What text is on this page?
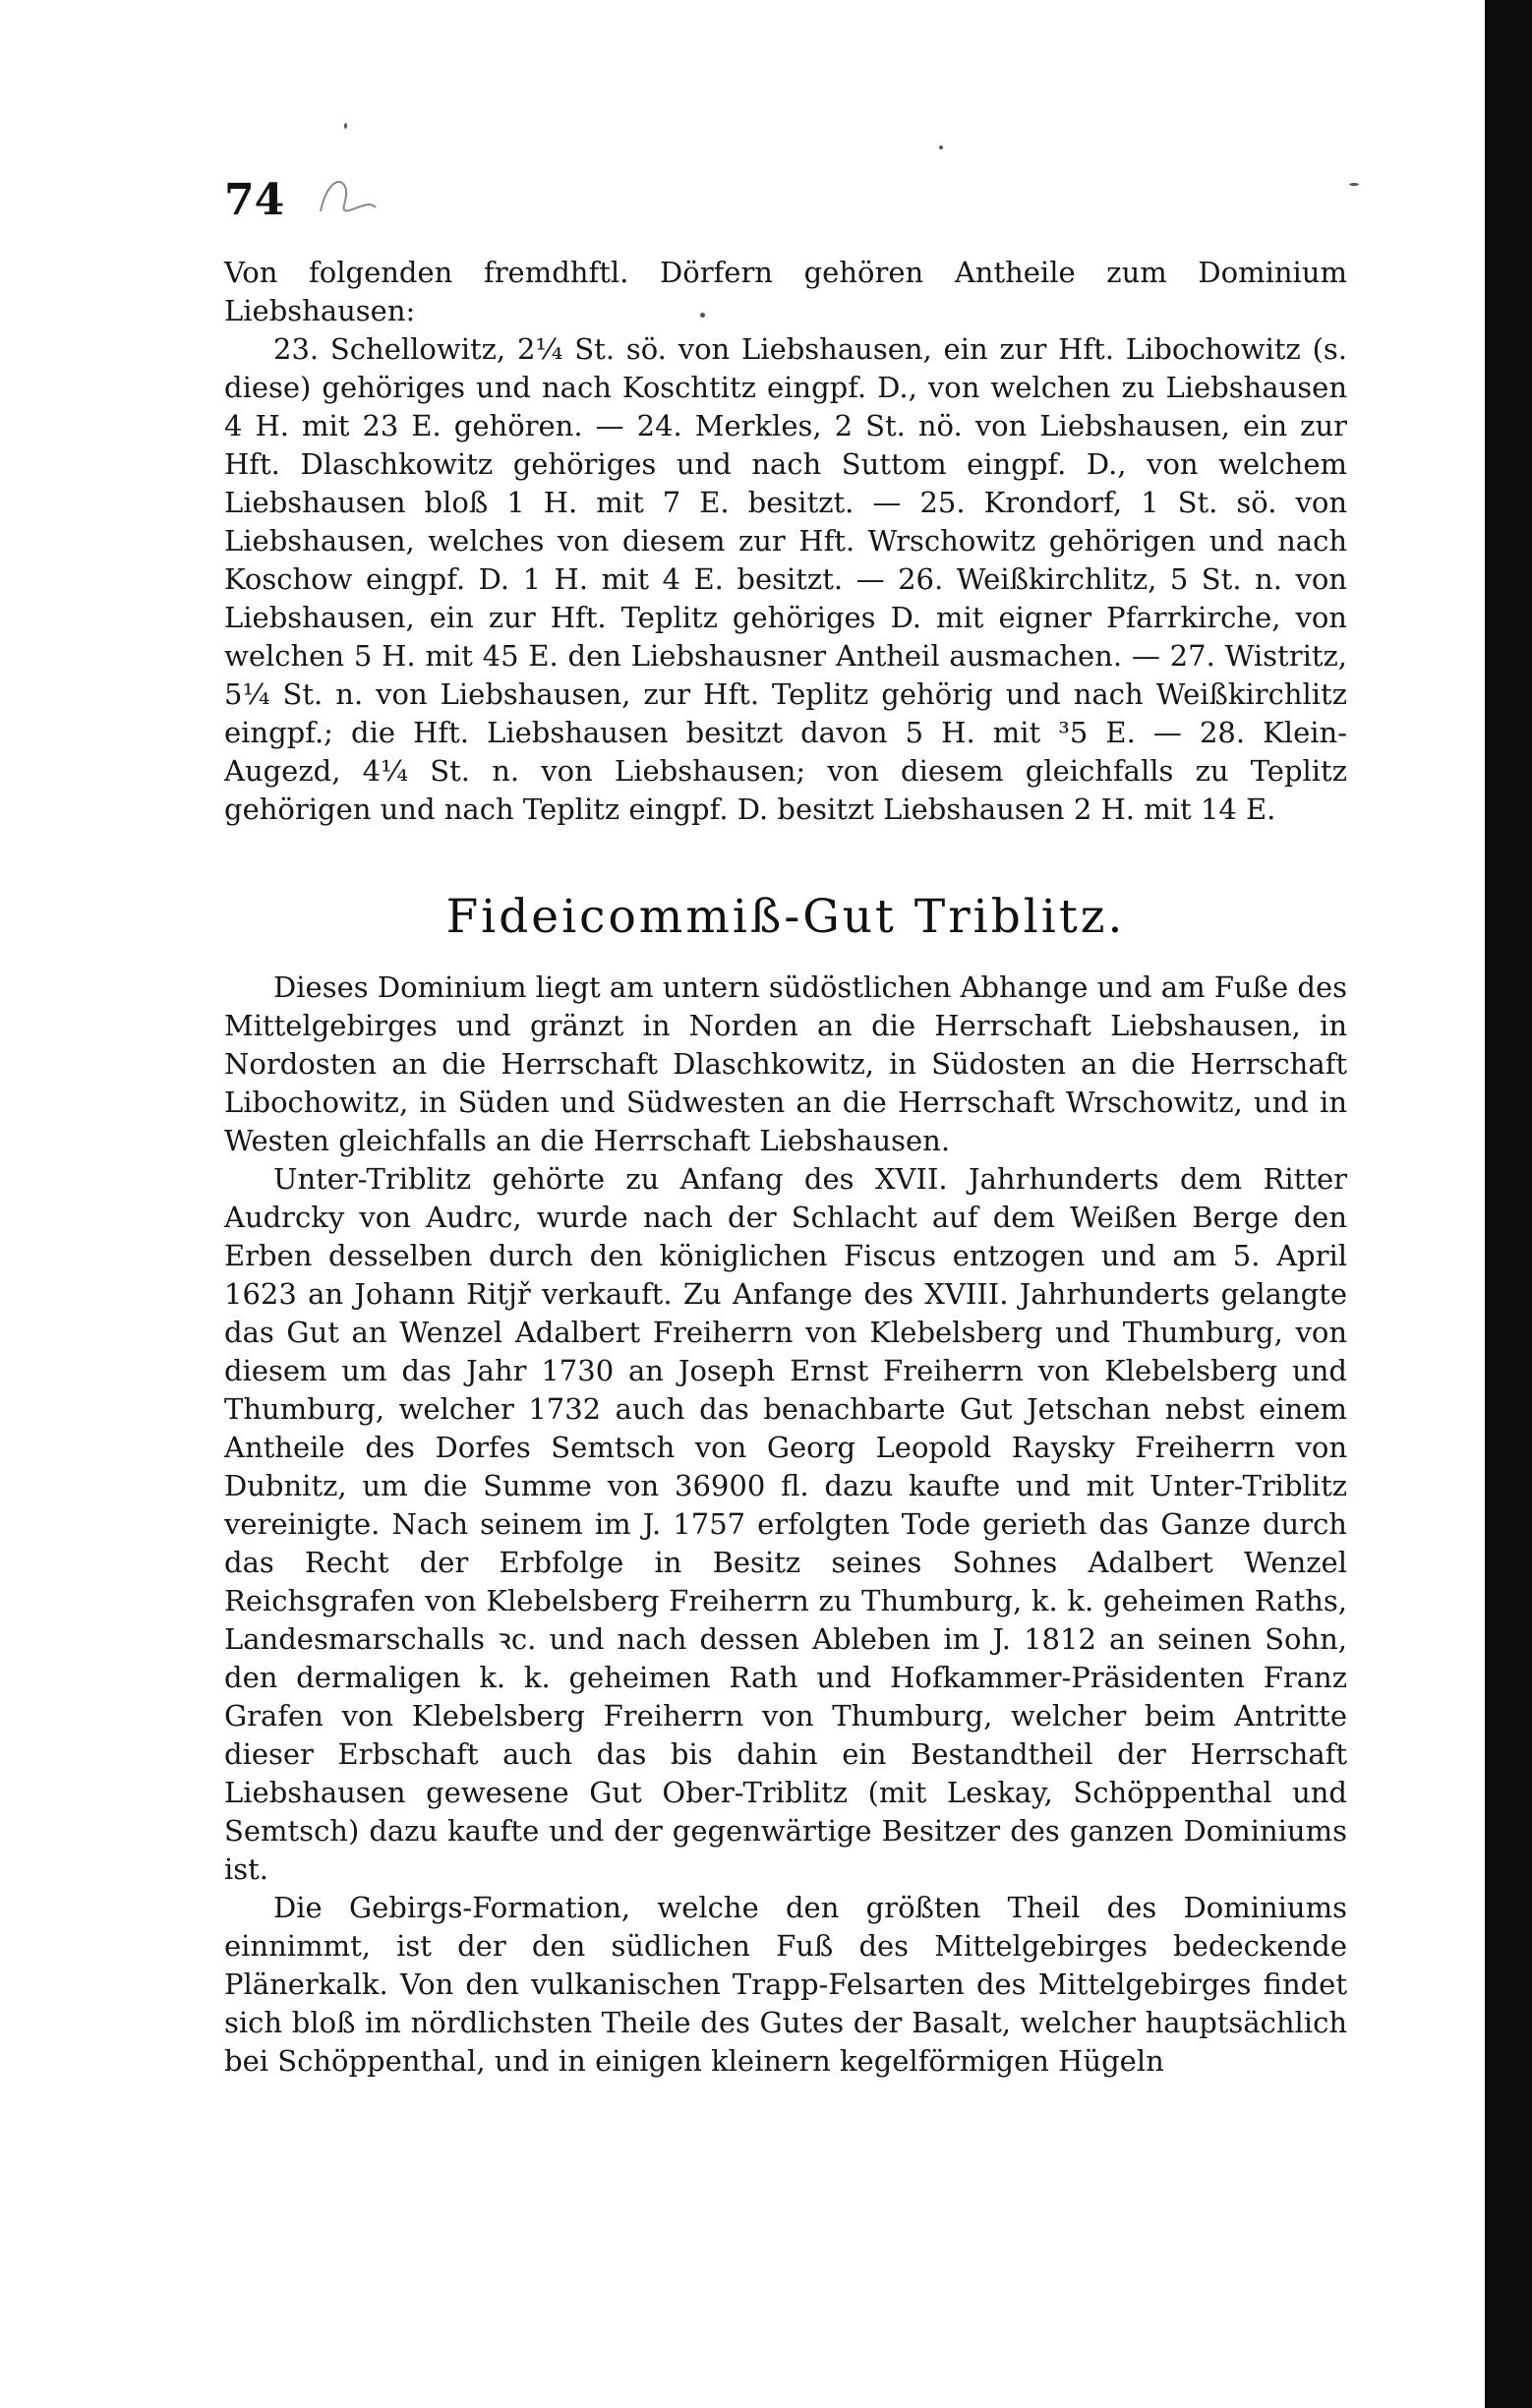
74

Von folgenden fremdhftl. Dörfern gehören Antheile zum Dominium Liebshausen:

23. Schellowitz, 2¼ St. sö. von Liebshausen, ein zur Hft. Libochowitz (s. diese) gehöriges und nach Koschtitz eingpf. D., von welchen zu Liebshausen 4 H. mit 23 E. gehören. — 24. Merkles, 2 St. nö. von Liebshausen, ein zur Hft. Dlaschkowitz gehöriges und nach Suttom eingpf. D., von welchem Liebshausen bloß 1 H. mit 7 E. besitzt. — 25. Krondorf, 1 St. sö. von Liebshausen, welches von diesem zur Hft. Wrschowitz gehörigen und nach Koschow eingpf. D. 1 H. mit 4 E. besitzt. — 26. Weißkirchlitz, 5 St. n. von Liebshausen, ein zur Hft. Teplitz gehöriges D. mit eigner Pfarrkirche, von welchen 5 H. mit 45 E. den Liebshausner Antheil ausmachen. — 27. Wistritz, 5¼ St. n. von Liebshausen, zur Hft. Teplitz gehörig und nach Weißkirchlitz eingpf.; die Hft. Liebshausen besitzt davon 5 H. mit ³5 E. — 28. Klein-Augezd, 4¼ St. n. von Liebshausen; von diesem gleichfalls zu Teplitz gehörigen und nach Teplitz eingpf. D. besitzt Liebshausen 2 H. mit 14 E.

Fideicommiß-Gut Triblitz.

Dieses Dominium liegt am untern südöstlichen Abhange und am Fuße des Mittelgebirges und gränzt in Norden an die Herrschaft Liebshausen, in Nordosten an die Herrschaft Dlaschkowitz, in Südosten an die Herrschaft Libochowitz, in Süden und Südwesten an die Herrschaft Wrschowitz, und in Westen gleichfalls an die Herrschaft Liebshausen.

Unter-Triblitz gehörte zu Anfang des XVII. Jahrhunderts dem Ritter Audrcky von Audrc, wurde nach der Schlacht auf dem Weißen Berge den Erben desselben durch den königlichen Fiscus entzogen und am 5. April 1623 an Johann Ritjř verkauft. Zu Anfange des XVIII. Jahrhunderts gelangte das Gut an Wenzel Adalbert Freiherrn von Klebelsberg und Thumburg, von diesem um das Jahr 1730 an Joseph Ernst Freiherrn von Klebelsberg und Thumburg, welcher 1732 auch das benachbarte Gut Jetschan nebst einem Antheile des Dorfes Semtsch von Georg Leopold Raysky Freiherrn von Dubnitz, um die Summe von 36900 fl. dazu kaufte und mit Unter-Triblitz vereinigte. Nach seinem im J. 1757 erfolgten Tode gerieth das Ganze durch das Recht der Erbfolge in Besitz seines Sohnes Adalbert Wenzel Reichsgrafen von Klebelsberg Freiherrn zu Thumburg, k. k. geheimen Raths, Landesmarschalls ꝛc. und nach dessen Ableben im J. 1812 an seinen Sohn, den dermaligen k. k. geheimen Rath und Hofkammer-Präsidenten Franz Grafen von Klebelsberg Freiherrn von Thumburg, welcher beim Antritte dieser Erbschaft auch das bis dahin ein Bestandtheil der Herrschaft Liebshausen gewesene Gut Ober-Triblitz (mit Leskay, Schöppenthal und Semtsch) dazu kaufte und der gegenwärtige Besitzer des ganzen Dominiums ist.

Die Gebirgs-Formation, welche den größten Theil des Dominiums einnimmt, ist der den südlichen Fuß des Mittelgebirges bedeckende Plänerkalk. Von den vulkanischen Trapp-Felsarten des Mittelgebirges findet sich bloß im nördlichsten Theile des Gutes der Basalt, welcher hauptsächlich bei Schöppenthal, und in einigen kleinern kegelförmigen Hügeln
